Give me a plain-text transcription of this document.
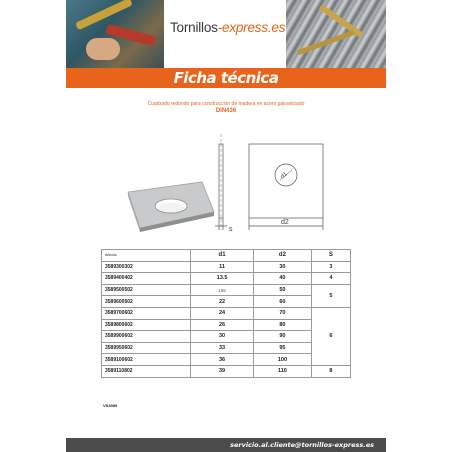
Tornillos-express.es
Ficha técnica
Cuadrado redondo para construcción de madera en acero galvanizado
DIN436
s
d1
d2
Articulo	d1	d2	S
3589300302	11	30	3
3589400402	13.5	40	4
3589500502	155	50	5
3589600502	22	60	
3589700602	24	70	6
3589800602	26	80	
3589900602	30	90	
3589950602	33	95	
3589100602	36	100	
3589110802	39	110	8
VS3989
servicio.al.cliente@tornillos-express.es
